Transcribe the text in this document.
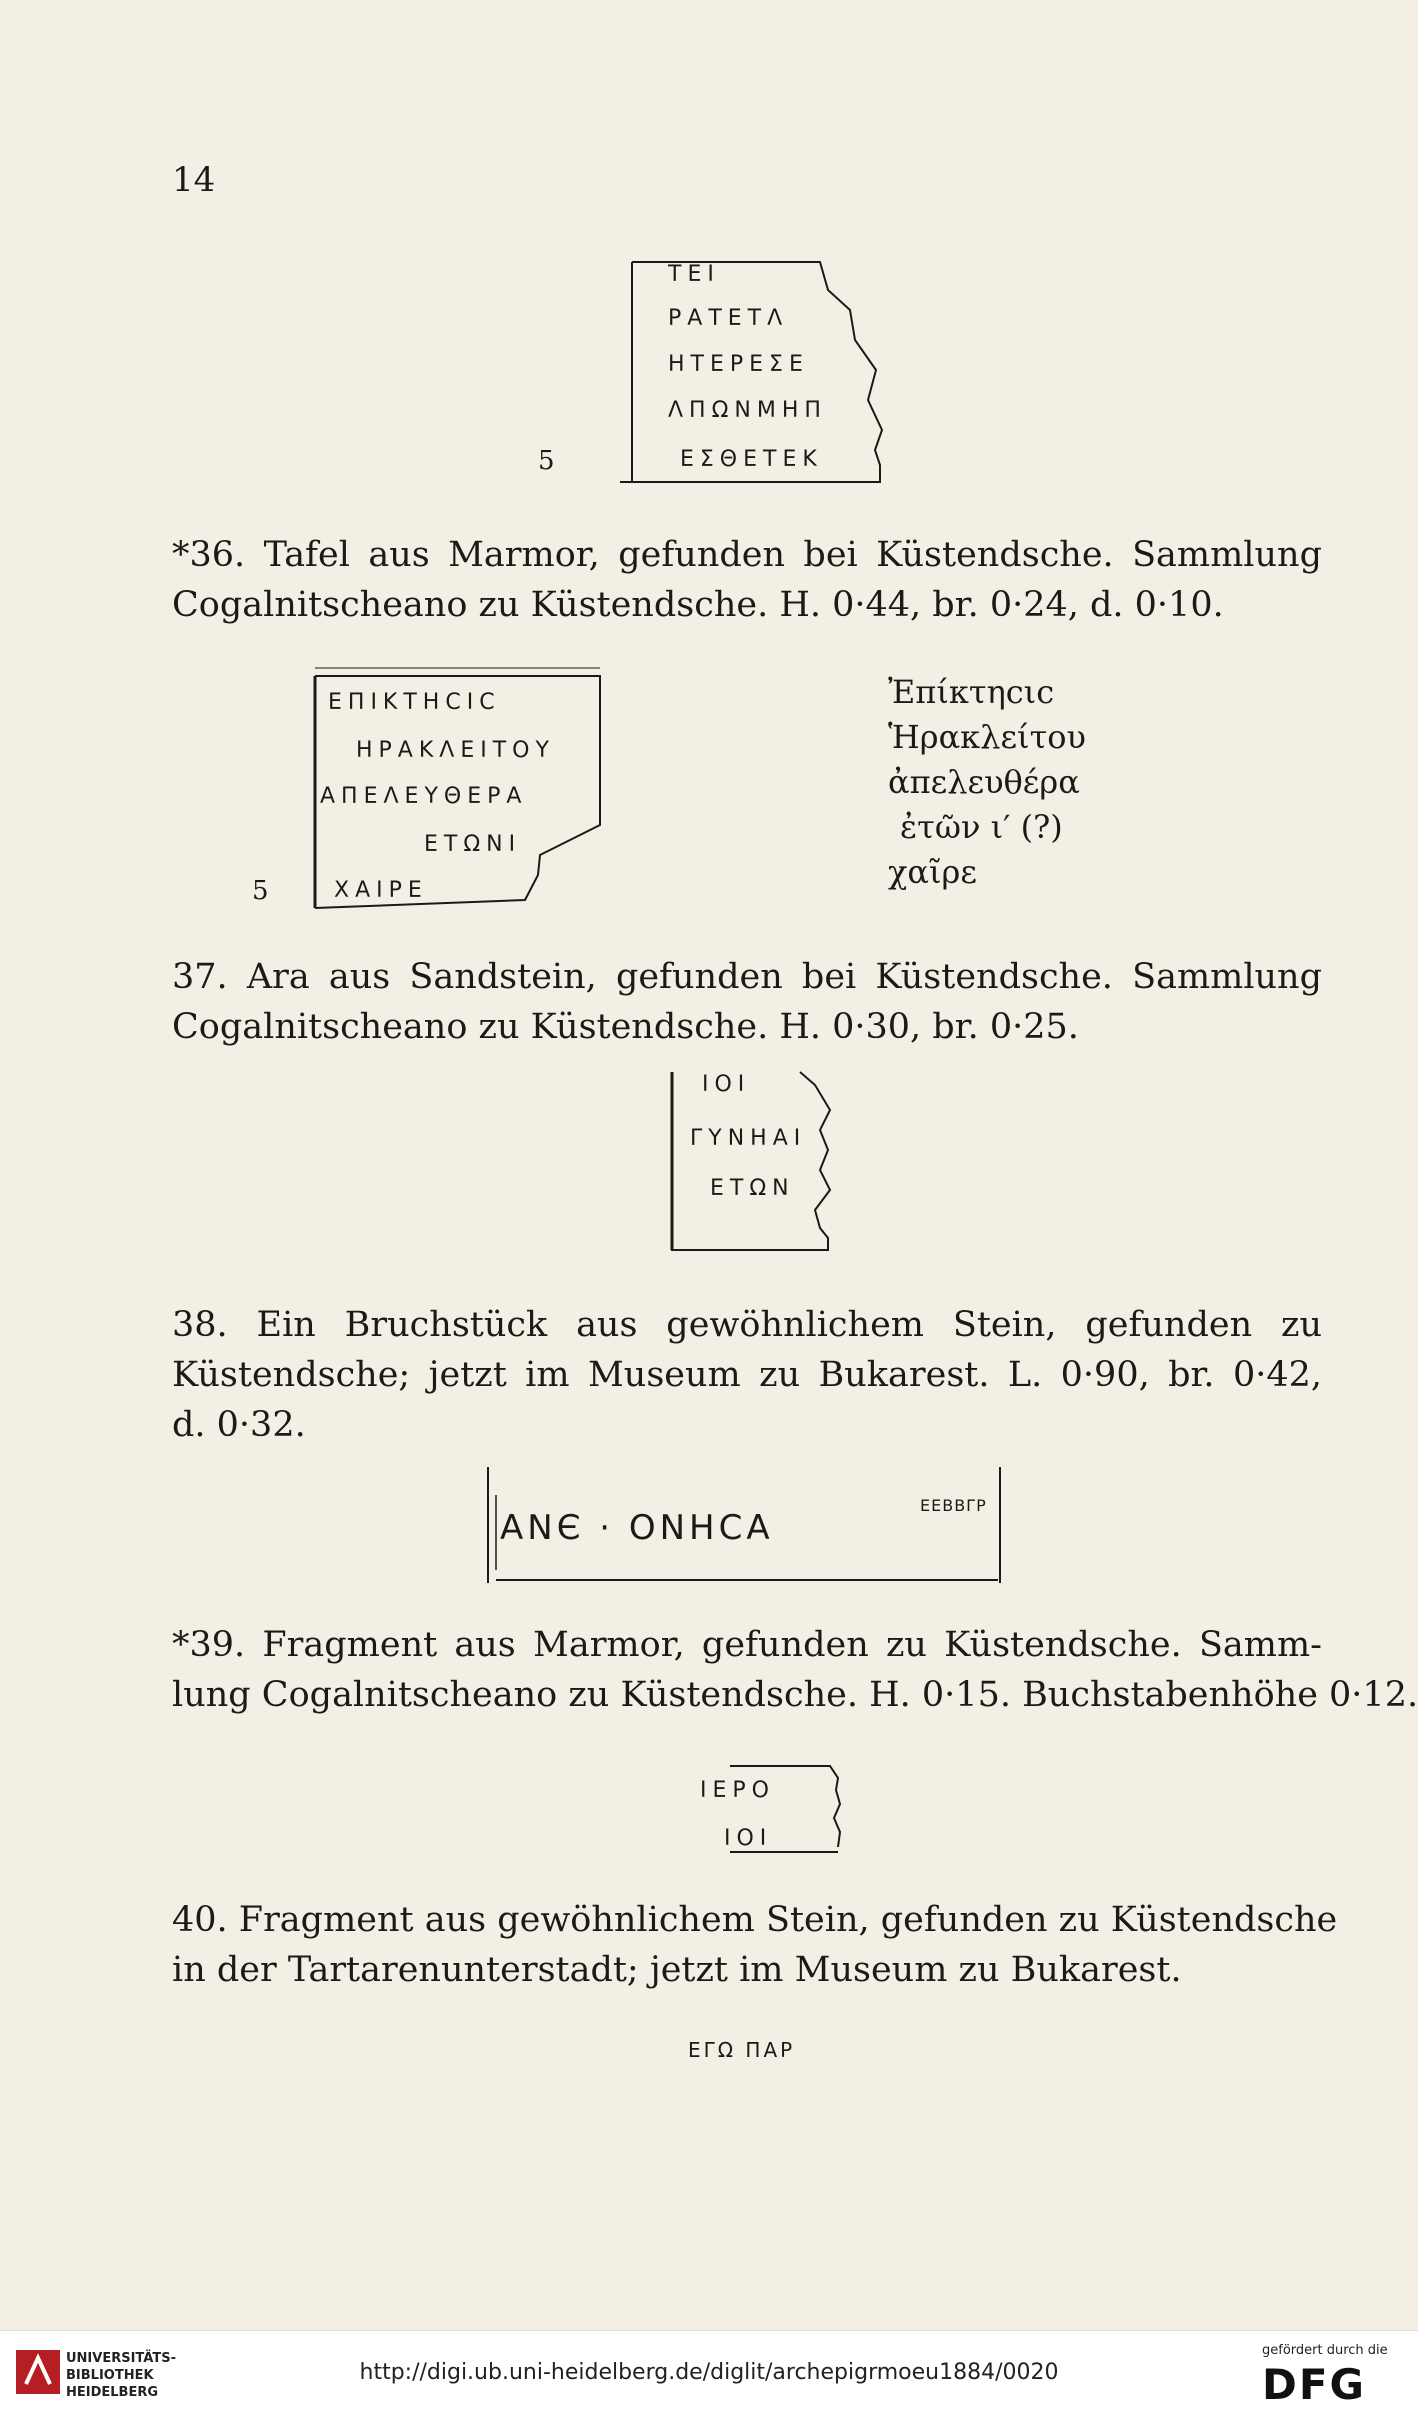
14
ΤΕΙ
ΡΑΤΕΤΛ
ΗΤΕΡΕΣΕ
ΛΠΩΝΜΗΠ
ΕΣΘΕΤΕΚ
5
*36. Tafel aus Marmor, gefunden bei Küstendsche. Sammlung
Cogalnitscheano zu Küstendsche. H. 0·44, br. 0·24, d. 0·10.
ΕΠΙΚΤΗCΙC
ΗΡΑΚΛΕΙΤΟΥ
ΑΠΕΛΕΥΘΕΡΑ
ΕΤΩΝΙ
ΧΑΙΡΕ
5
Ἐπίκτηcιc
Ἡρακλείτου
ἀπελευθέρα
ἐτῶν ι′ (?)
χαῖρε
37. Ara aus Sandstein, gefunden bei Küstendsche. Sammlung
Cogalnitscheano zu Küstendsche. H. 0·30, br. 0·25.
ΙΟΙ
ΓΥΝΗΑΙ
ΕΤΩΝ
38. Ein Bruchstück aus gewöhnlichem Stein, gefunden zu
Küstendsche; jetzt im Museum zu Bukarest. L. 0·90, br. 0·42,
d. 0·32.
ΑΝЄ · ΟΝΗCΑ
ΕΕΒΒΓΡ
*39. Fragment aus Marmor, gefunden zu Küstendsche. Samm-
lung Cogalnitscheano zu Küstendsche. H. 0·15. Buchstabenhöhe 0·12.
ΙΕΡΟ
ΙΟΙ
40. Fragment aus gewöhnlichem Stein, gefunden zu Küstendsche
in der Tartarenunterstadt; jetzt im Museum zu Bukarest.
ΕΓΩ ΠΑΡ
UNIVERSITÄTS-
BIBLIOTHEK
HEIDELBERG
http://digi.ub.uni-heidelberg.de/diglit/archepigrmoeu1884/0020
gefördert durch die
DFG
